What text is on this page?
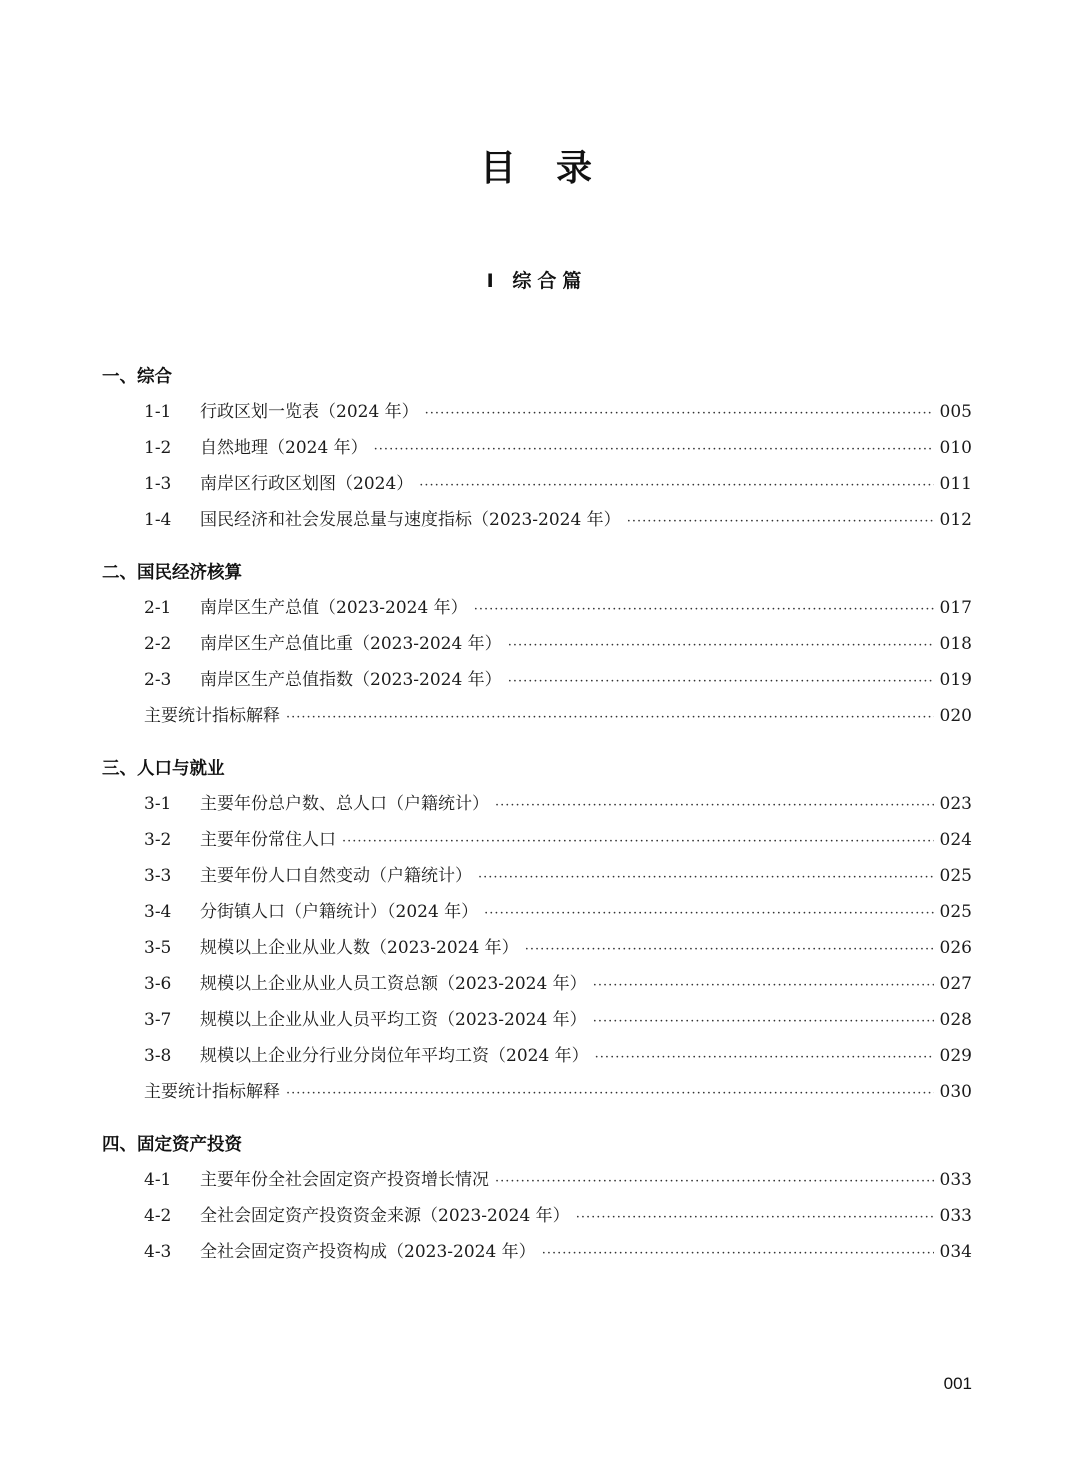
目　录
Ⅰ 综合篇
一、综合
1-1	行政区划一览表（2024 年） ·····	005
1-2	自然地理（2024 年） ·····	010
1-3	南岸区行政区划图（2024） ·····	011
1-4	国民经济和社会发展总量与速度指标（2023-2024 年） ·····	012
二、国民经济核算
2-1	南岸区生产总值（2023-2024 年） ·····	017
2-2	南岸区生产总值比重（2023-2024 年） ·····	018
2-3	南岸区生产总值指数（2023-2024 年） ·····	019
主要统计指标解释 ·····	020
三、人口与就业
3-1	主要年份总户数、总人口（户籍统计） ·····	023
3-2	主要年份常住人口 ·····	024
3-3	主要年份人口自然变动（户籍统计） ·····	025
3-4	分街镇人口（户籍统计）（2024 年） ·····	025
3-5	规模以上企业从业人数（2023-2024 年） ·····	026
3-6	规模以上企业从业人员工资总额（2023-2024 年） ·····	027
3-7	规模以上企业从业人员平均工资（2023-2024 年） ·····	028
3-8	规模以上企业分行业分岗位年平均工资（2024 年） ·····	029
主要统计指标解释 ·····	030
四、固定资产投资
4-1	主要年份全社会固定资产投资增长情况 ·····	033
4-2	全社会固定资产投资资金来源（2023-2024 年） ·····	033
4-3	全社会固定资产投资构成（2023-2024 年） ·····	034
001
